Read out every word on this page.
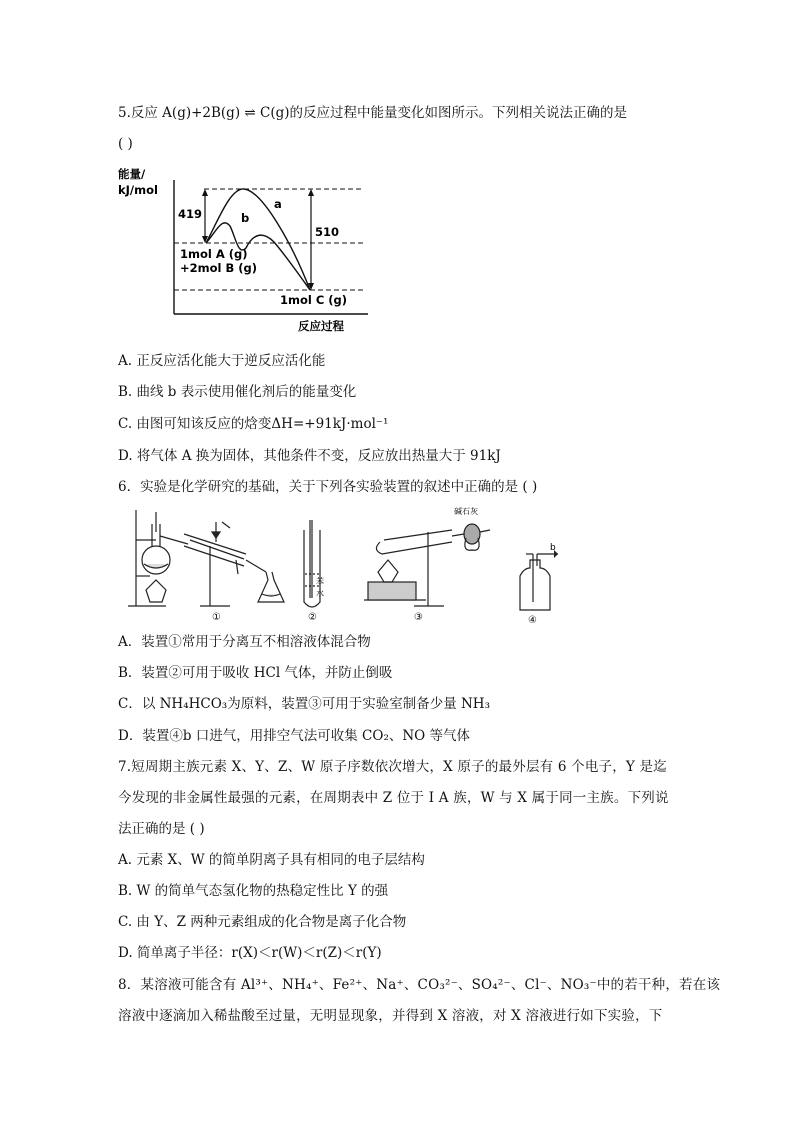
5.反应 A(g)+2B(g) ⇌ C(g)的反应过程中能量变化如图所示。下列相关说法正确的是
( )
能量/
kJ/mol
反应过程
419
510
a
b
1mol A (g)
+2mol B (g)
1mol C (g)
A. 正反应活化能大于逆反应活化能
B. 曲线 b 表示使用催化剂后的能量变化
C. 由图可知该反应的焓变ΔH=+91kJ·mol⁻¹
D. 将气体 A 换为固体，其他条件不变，反应放出热量大于 91kJ
6．实验是化学研究的基础，关于下列各实验装置的叙述中正确的是 ( )
苯
水
碱石灰
b
①	②	③	④
A．装置①常用于分离互不相溶液体混合物
B．装置②可用于吸收 HCl 气体，并防止倒吸
C．以 NH₄HCO₃为原料，装置③可用于实验室制备少量 NH₃
D．装置④b 口进气，用排空气法可收集 CO₂、NO 等气体
7.短周期主族元素 X、Y、Z、W 原子序数依次增大，X 原子的最外层有 6 个电子，Y 是迄
今发现的非金属性最强的元素，在周期表中 Z 位于 I A 族，W 与 X 属于同一主族。下列说
法正确的是 ( )
A. 元素 X、W 的简单阴离子具有相同的电子层结构
B. W 的简单气态氢化物的热稳定性比 Y 的强
C. 由 Y、Z 两种元素组成的化合物是离子化合物
D. 简单离子半径：r(X)＜r(W)＜r(Z)＜r(Y)
8．某溶液可能含有 Al³⁺、NH₄⁺、Fe²⁺、Na⁺、CO₃²⁻、SO₄²⁻、Cl⁻、NO₃⁻中的若干种，若在该
溶液中逐滴加入稀盐酸至过量，无明显现象，并得到 X 溶液，对 X 溶液进行如下实验，下
